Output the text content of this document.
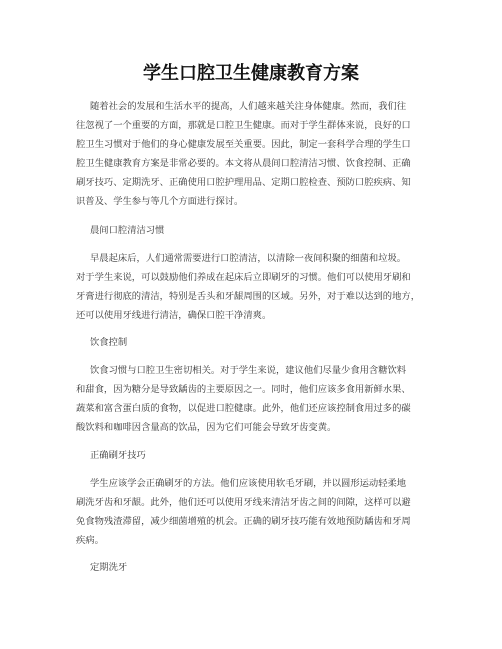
学生口腔卫生健康教育方案

随着社会的发展和生活水平的提高，人们越来越关注身体健康。然而，我们往

往忽视了一个重要的方面，那就是口腔卫生健康。而对于学生群体来说，良好的口

腔卫生习惯对于他们的身心健康发展至关重要。因此，制定一套科学合理的学生口

腔卫生健康教育方案是非常必要的。本文将从晨间口腔清洁习惯、饮食控制、正确

刷牙技巧、定期洗牙、正确使用口腔护理用品、定期口腔检查、预防口腔疾病、知

识普及、学生参与等几个方面进行探讨。

晨间口腔清洁习惯

早晨起床后，人们通常需要进行口腔清洁，以清除一夜间积聚的细菌和垃圾。

对于学生来说，可以鼓励他们养成在起床后立即刷牙的习惯。他们可以使用牙刷和

牙膏进行彻底的清洁，特别是舌头和牙龈周围的区域。另外，对于难以达到的地方，

还可以使用牙线进行清洁，确保口腔干净清爽。

饮食控制

饮食习惯与口腔卫生密切相关。对于学生来说，建议他们尽量少食用含糖饮料

和甜食，因为糖分是导致龋齿的主要原因之一。同时，他们应该多食用新鲜水果、

蔬菜和富含蛋白质的食物，以促进口腔健康。此外，他们还应该控制食用过多的碳

酸饮料和咖啡因含量高的饮品，因为它们可能会导致牙齿变黄。

正确刷牙技巧

学生应该学会正确刷牙的方法。他们应该使用软毛牙刷，并以圆形运动轻柔地

刷洗牙齿和牙龈。此外，他们还可以使用牙线来清洁牙齿之间的间隙，这样可以避

免食物残渣滞留，减少细菌增殖的机会。正确的刷牙技巧能有效地预防龋齿和牙周

疾病。

定期洗牙
